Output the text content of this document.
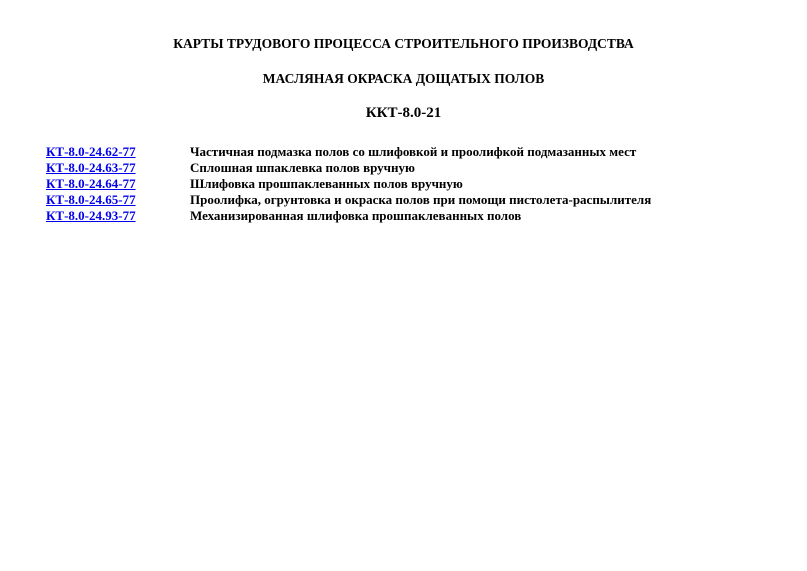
КАРТЫ ТРУДОВОГО ПРОЦЕССА СТРОИТЕЛЬНОГО ПРОИЗВОДСТВА
МАСЛЯНАЯ ОКРАСКА ДОЩАТЫХ ПОЛОВ
ККТ-8.0-21
КТ-8.0-24.62-77	Частичная подмазка полов со шлифовкой и проолифкой подмазанных мест
КТ-8.0-24.63-77	Сплошная шпаклевка полов вручную
КТ-8.0-24.64-77	Шлифовка прошпаклеванных полов вручную
КТ-8.0-24.65-77	Проолифка, огрунтовка и окраска полов при помощи пистолета-распылителя
КТ-8.0-24.93-77	Механизированная шлифовка прошпаклеванных полов
